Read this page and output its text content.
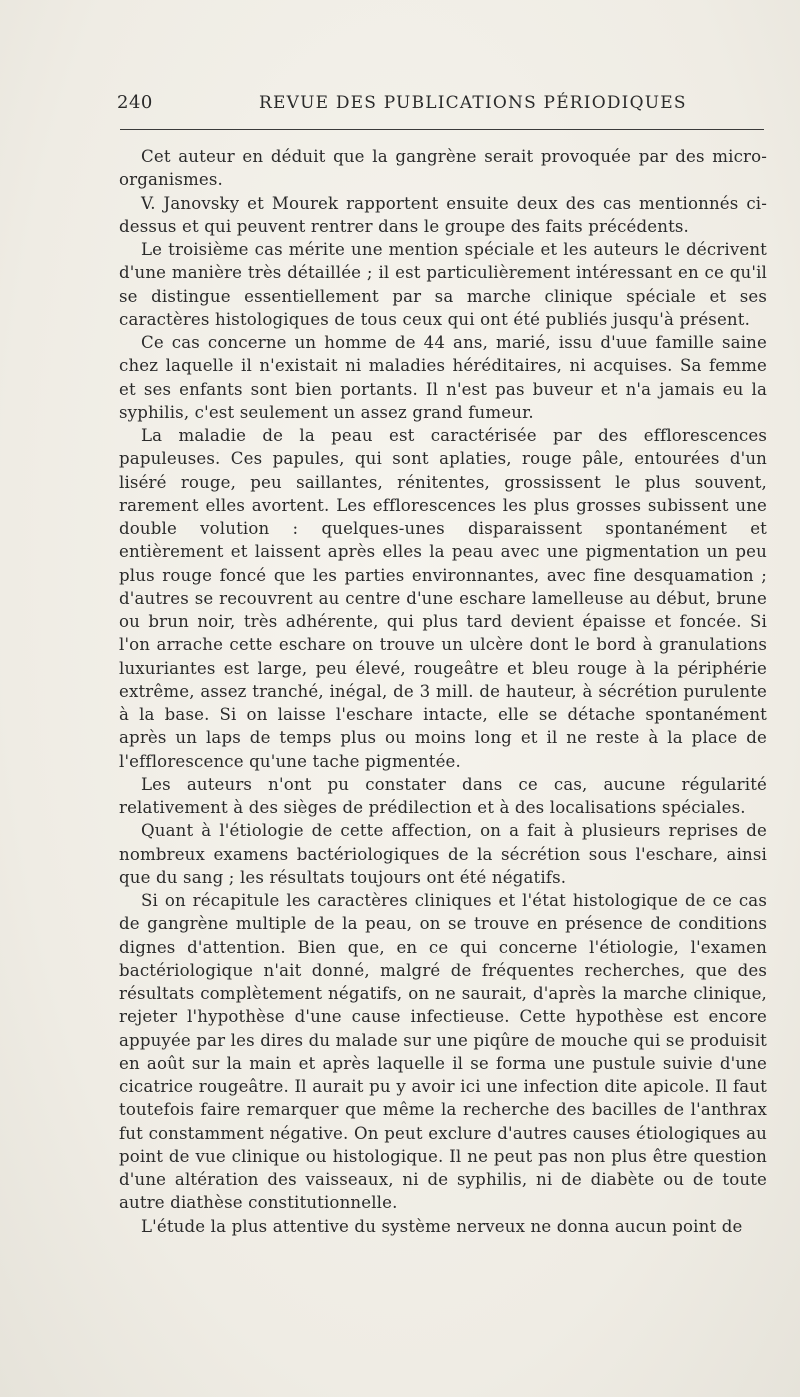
240	REVUE DES PUBLICATIONS PÉRIODIQUES

Cet auteur en déduit que la gangrène serait provoquée par des micro-organismes.

V. Janovsky et Mourek rapportent ensuite deux des cas mentionnés ci-dessus et qui peuvent rentrer dans le groupe des faits précédents.

Le troisième cas mérite une mention spéciale et les auteurs le décrivent d'une manière très détaillée ; il est particulièrement intéressant en ce qu'il se distingue essentiellement par sa marche clinique spéciale et ses caractères histologiques de tous ceux qui ont été publiés jusqu'à présent.

Ce cas concerne un homme de 44 ans, marié, issu d'uue famille saine chez laquelle il n'existait ni maladies héréditaires, ni acquises. Sa femme et ses enfants sont bien portants. Il n'est pas buveur et n'a jamais eu la syphilis, c'est seulement un assez grand fumeur.

La maladie de la peau est caractérisée par des efflorescences papuleuses. Ces papules, qui sont aplaties, rouge pâle, entourées d'un liséré rouge, peu saillantes, rénitentes, grossissent le plus souvent, rarement elles avortent. Les efflorescences les plus grosses subissent une double volution : quelques-unes disparaissent spontanément et entièrement et laissent après elles la peau avec une pigmentation un peu plus rouge foncé que les parties environnantes, avec fine desquamation ; d'autres se recouvrent au centre d'une eschare lamelleuse au début, brune ou brun noir, très adhérente, qui plus tard devient épaisse et foncée. Si l'on arrache cette eschare on trouve un ulcère dont le bord à granulations luxuriantes est large, peu élevé, rougeâtre et bleu rouge à la périphérie extrême, assez tranché, inégal, de 3 mill. de hauteur, à sécrétion purulente à la base. Si on laisse l'eschare intacte, elle se détache spontanément après un laps de temps plus ou moins long et il ne reste à la place de l'efflorescence qu'une tache pigmentée.

Les auteurs n'ont pu constater dans ce cas, aucune régularité relativement à des sièges de prédilection et à des localisations spéciales.

Quant à l'étiologie de cette affection, on a fait à plusieurs reprises de nombreux examens bactériologiques de la sécrétion sous l'eschare, ainsi que du sang ; les résultats toujours ont été négatifs.

Si on récapitule les caractères cliniques et l'état histologique de ce cas de gangrène multiple de la peau, on se trouve en présence de conditions dignes d'attention. Bien que, en ce qui concerne l'étiologie, l'examen bactériologique n'ait donné, malgré de fréquentes recherches, que des résultats complètement négatifs, on ne saurait, d'après la marche clinique, rejeter l'hypothèse d'une cause infectieuse. Cette hypothèse est encore appuyée par les dires du malade sur une piqûre de mouche qui se produisit en août sur la main et après laquelle il se forma une pustule suivie d'une cicatrice rougeâtre. Il aurait pu y avoir ici une infection dite apicole. Il faut toutefois faire remarquer que même la recherche des bacilles de l'anthrax fut constamment négative. On peut exclure d'autres causes étiologiques au point de vue clinique ou histologique. Il ne peut pas non plus être question d'une altération des vaisseaux, ni de syphilis, ni de diabète ou de toute autre diathèse constitutionnelle.

L'étude la plus attentive du système nerveux ne donna aucun point de
